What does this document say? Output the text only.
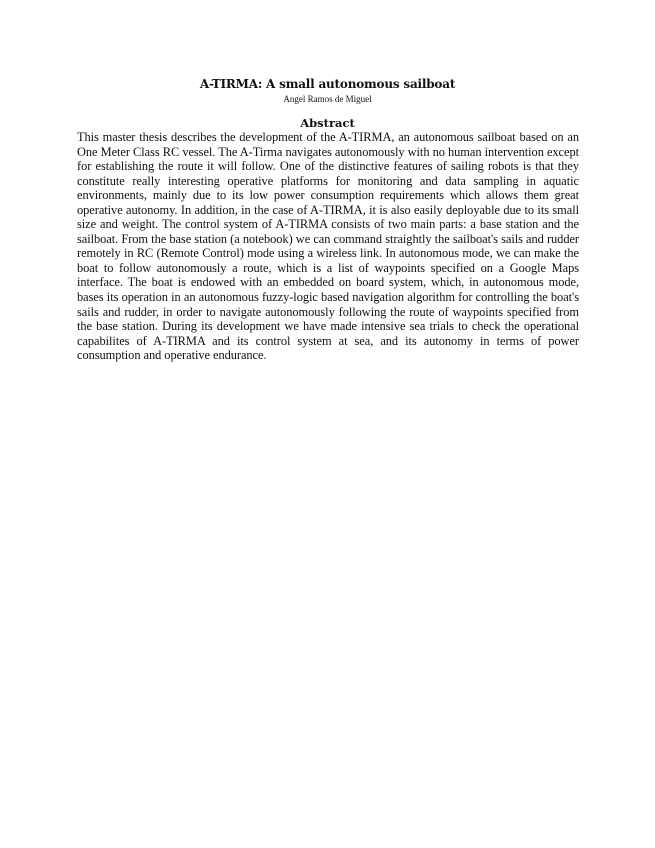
A-TIRMA: A small autonomous sailboat
Angel Ramos de Miguel
Abstract

This master thesis describes the development of the A-TIRMA, an autonomous sailboat based on an One Meter Class RC vessel. The A-Tirma navigates autonomously with no human intervention except for establishing the route it will follow. One of the distinctive features of sailing robots is that they constitute really interesting operative platforms for monitoring and data sampling in aquatic environments, mainly due to its low power consumption requirements which allows them great operative autonomy. In addition, in the case of A-TIRMA, it is also easily deployable due to its small size and weight. The control system of A-TIRMA consists of two main parts: a base station and the sailboat. From the base station (a notebook) we can command straightly the sailboat's sails and rudder remotely in RC (Remote Control) mode using a wireless link. In autonomous mode, we can make the boat to follow autonomously a route, which is a list of waypoints specified on a Google Maps interface. The boat is endowed with an embedded on board system, which, in autonomous mode, bases its operation in an autonomous fuzzy-logic based navigation algorithm for controlling the boat's sails and rudder, in order to navigate autonomously following the route of waypoints specified from the base station. During its development we have made intensive sea trials to check the operational capabilites of A-TIRMA and its control system at sea, and its autonomy in terms of power consumption and operative endurance.
